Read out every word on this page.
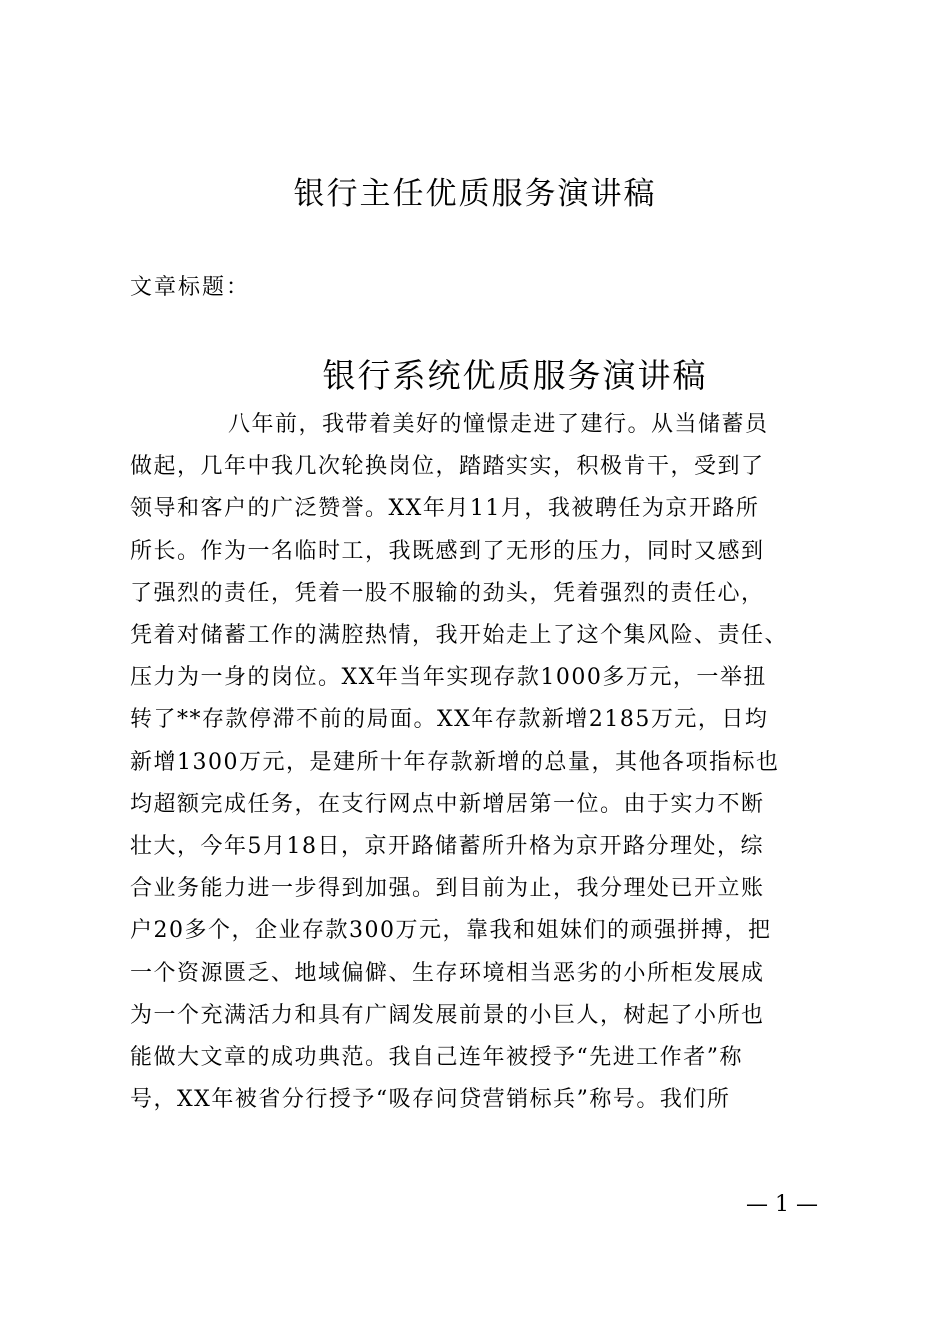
银行主任优质服务演讲稿
文章标题：
银行系统优质服务演讲稿
八年前，我带着美好的憧憬走进了建行。从当储蓄员
做起，几年中我几次轮换岗位，踏踏实实，积极肯干，受到了
领导和客户的广泛赞誉。XX年月11月，我被聘任为京开路所
所长。作为一名临时工，我既感到了无形的压力，同时又感到
了强烈的责任，凭着一股不服输的劲头，凭着强烈的责任心，
凭着对储蓄工作的满腔热情，我开始走上了这个集风险、责任、
压力为一身的岗位。XX年当年实现存款1000多万元，一举扭
转了**存款停滞不前的局面。XX年存款新增2185万元，日均
新增1300万元，是建所十年存款新增的总量，其他各项指标也
均超额完成任务，在支行网点中新增居第一位。由于实力不断
壮大，今年5月18日，京开路储蓄所升格为京开路分理处，综
合业务能力进一步得到加强。到目前为止，我分理处已开立账
户20多个，企业存款300万元，靠我和姐妹们的顽强拼搏，把
一个资源匮乏、地域偏僻、生存环境相当恶劣的小所柜发展成
为一个充满活力和具有广阔发展前景的小巨人，树起了小所也
能做大文章的成功典范。我自己连年被授予“先进工作者”称
号，XX年被省分行授予“吸存问贷营销标兵”称号。我们所
— 1 —
